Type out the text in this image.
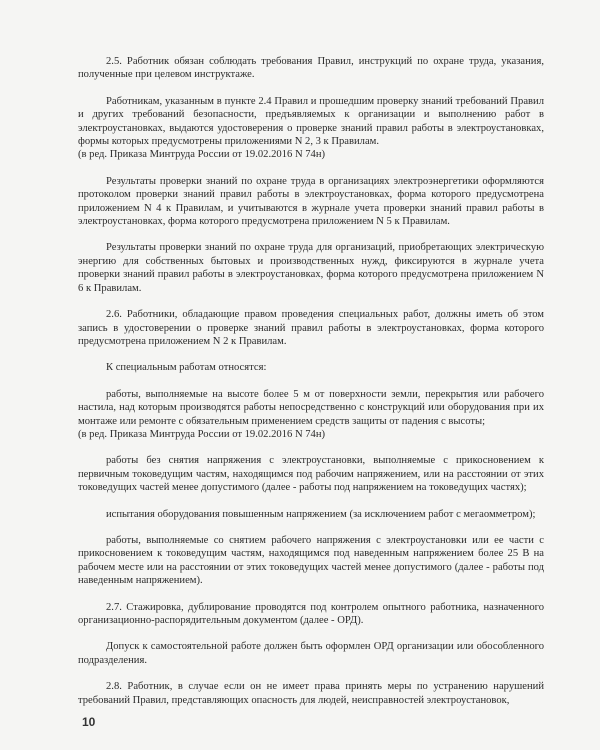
2.5. Работник обязан соблюдать требования Правил, инструкций по охране труда, указания, полученные при целевом инструктаже.

Работникам, указанным в пункте 2.4 Правил и прошедшим проверку знаний требований Правил и других требований безопасности, предъявляемых к организации и выполнению работ в электроустановках, выдаются удостоверения о проверке знаний правил работы в электроустановках, формы которых предусмотрены приложениями N 2, 3 к Правилам.

(в ред. Приказа Минтруда России от 19.02.2016 N 74н)

Результаты проверки знаний по охране труда в организациях электроэнергетики оформляются протоколом проверки знаний правил работы в электроустановках, форма которого предусмотрена приложением N 4 к Правилам, и учитываются в журнале учета проверки знаний правил работы в электроустановках, форма которого предусмотрена приложением N 5 к Правилам.

Результаты проверки знаний по охране труда для организаций, приобретающих электрическую энергию для собственных бытовых и производственных нужд, фиксируются в журнале учета проверки знаний правил работы в электроустановках, форма которого предусмотрена приложением N 6 к Правилам.

2.6. Работники, обладающие правом проведения специальных работ, должны иметь об этом запись в удостоверении о проверке знаний правил работы в электроустановках, форма которого предусмотрена приложением N 2 к Правилам.

К специальным работам относятся:

работы, выполняемые на высоте более 5 м от поверхности земли, перекрытия или рабочего настила, над которым производятся работы непосредственно с конструкций или оборудования при их монтаже или ремонте с обязательным применением средств защиты от падения с высоты;

(в ред. Приказа Минтруда России от 19.02.2016 N 74н)

работы без снятия напряжения с электроустановки, выполняемые с прикосновением к первичным токоведущим частям, находящимся под рабочим напряжением, или на расстоянии от этих токоведущих частей менее допустимого (далее - работы под напряжением на токоведущих частях);

испытания оборудования повышенным напряжением (за исключением работ с мегаомметром);

работы, выполняемые со снятием рабочего напряжения с электроустановки или ее части с прикосновением к токоведущим частям, находящимся под наведенным напряжением более 25 В на рабочем месте или на расстоянии от этих токоведущих частей менее допустимого (далее - работы под наведенным напряжением).

2.7. Стажировка, дублирование проводятся под контролем опытного работника, назначенного организационно-распорядительным документом (далее - ОРД).

Допуск к самостоятельной работе должен быть оформлен ОРД организации или обособленного подразделения.

2.8. Работник, в случае если он не имеет права принять меры по устранению нарушений требований Правил, представляющих опасность для людей, неисправностей электроустановок,

10
